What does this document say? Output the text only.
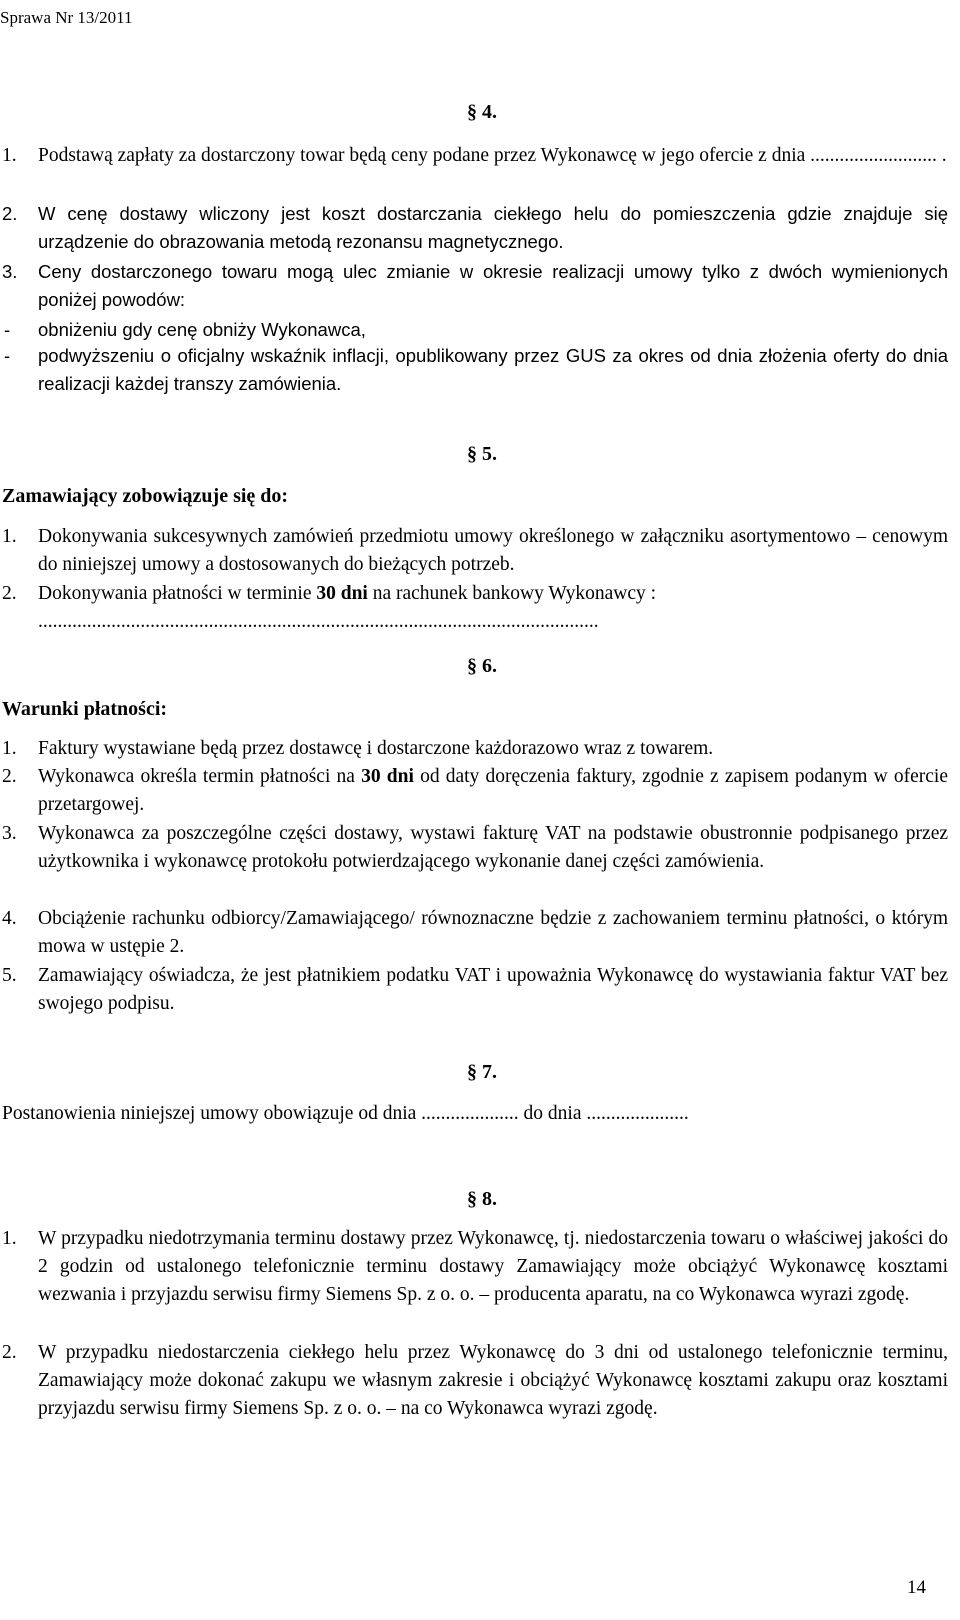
Sprawa Nr 13/2011
§ 4.
1.	Podstawą zapłaty za dostarczony towar będą ceny podane przez Wykonawcę w jego ofercie z dnia .......................... .
2.	W cenę dostawy wliczony jest koszt dostarczania ciekłego helu do pomieszczenia gdzie znajduje się urządzenie do obrazowania metodą rezonansu magnetycznego.
3.	Ceny dostarczonego towaru mogą ulec zmianie w okresie realizacji umowy tylko z dwóch wymienionych poniżej powodów:
- obniżeniu gdy cenę obniży Wykonawca,
- podwyższeniu o oficjalny wskaźnik inflacji, opublikowany przez GUS za okres od dnia złożenia oferty do dnia realizacji każdej transzy zamówienia.
§ 5.
Zamawiający zobowiązuje się do:
1.	Dokonywania sukcesywnych zamówień przedmiotu umowy określonego w załączniku asortymentowo – cenowym do niniejszej umowy a dostosowanych do bieżących potrzeb.
2.	Dokonywania płatności w terminie 30 dni na rachunek bankowy Wykonawcy :
...................................................................................................................
§ 6.
Warunki płatności:
1.	Faktury wystawiane będą przez dostawcę i dostarczone każdorazowo wraz z towarem.
2.	Wykonawca określa termin płatności na 30 dni od daty doręczenia faktury, zgodnie z zapisem podanym w ofercie przetargowej.
3.	Wykonawca za poszczególne części dostawy, wystawi fakturę VAT na podstawie obustronnie podpisanego przez użytkownika i wykonawcę protokołu potwierdzającego wykonanie danej części zamówienia.
4.	Obciążenie rachunku odbiorcy/Zamawiającego/ równoznaczne będzie z zachowaniem terminu płatności, o którym mowa w ustępie 2.
5.	Zamawiający oświadcza, że jest płatnikiem podatku VAT i upoważnia Wykonawcę do wystawiania faktur VAT bez swojego podpisu.
§ 7.
Postanowienia niniejszej umowy obowiązuje od dnia .................... do dnia .....................
§ 8.
1.	W przypadku niedotrzymania terminu dostawy przez Wykonawcę, tj. niedostarczenia towaru o właściwej jakości do 2 godzin od ustalonego telefonicznie terminu dostawy Zamawiający może obciążyć Wykonawcę kosztami wezwania i przyjazdu serwisu firmy Siemens Sp. z o. o. – producenta aparatu, na co Wykonawca wyrazi zgodę.
2.	W przypadku niedostarczenia ciekłego helu przez Wykonawcę do 3 dni od ustalonego telefonicznie terminu, Zamawiający może dokonać zakupu we własnym zakresie i obciążyć Wykonawcę kosztami zakupu oraz kosztami przyjazdu serwisu firmy Siemens Sp. z o. o. – na co Wykonawca wyrazi zgodę.
14
